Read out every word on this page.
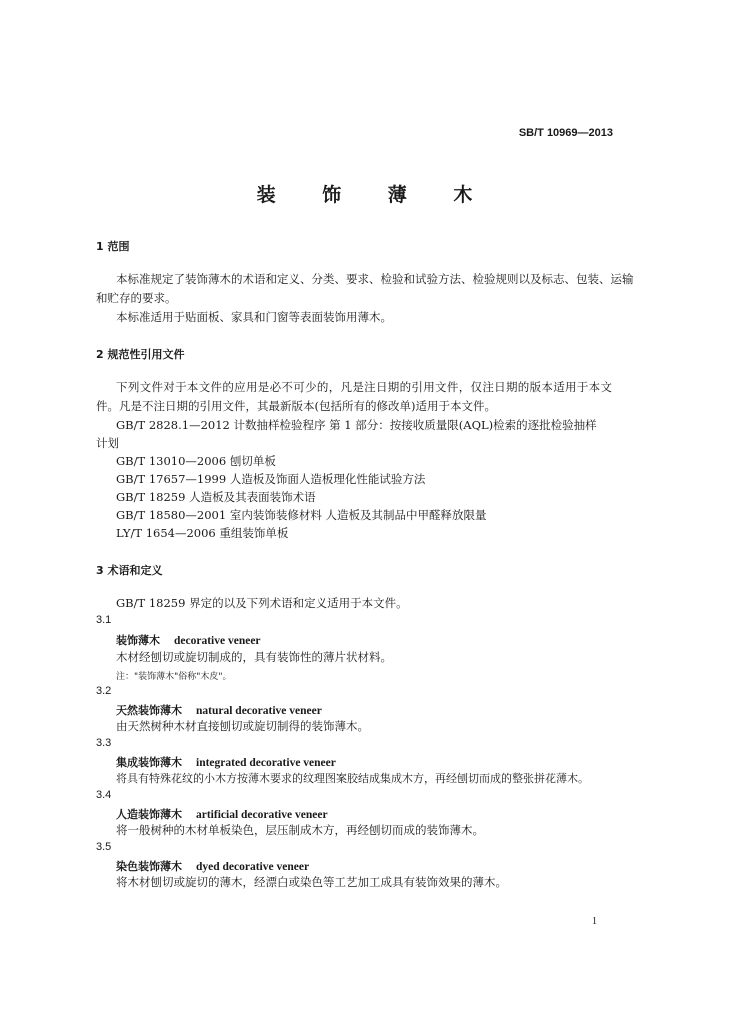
SB/T 10969—2013
装 饰 薄 木
1 范围
本标准规定了装饰薄木的术语和定义、分类、要求、检验和试验方法、检验规则以及标志、包装、运输
和贮存的要求。
本标准适用于贴面板、家具和门窗等表面装饰用薄木。
2 规范性引用文件
下列文件对于本文件的应用是必不可少的，凡是注日期的引用文件，仅注日期的版本适用于本文
件。凡是不注日期的引用文件，其最新版本(包括所有的修改单)适用于本文件。
GB/T 2828.1—2012 计数抽样检验程序 第 1 部分：按接收质量限(AQL)检索的逐批检验抽样
计划
GB/T 13010—2006 刨切单板
GB/T 17657—1999 人造板及饰面人造板理化性能试验方法
GB/T 18259 人造板及其表面装饰术语
GB/T 18580—2001 室内装饰装修材料 人造板及其制品中甲醛释放限量
LY/T 1654—2006 重组装饰单板
3 术语和定义
GB/T 18259 界定的以及下列术语和定义适用于本文件。
3.1
装饰薄木 decorative veneer
木材经刨切或旋切制成的，具有装饰性的薄片状材料。
注："装饰薄木"俗称"木皮"。
3.2
天然装饰薄木 natural decorative veneer
由天然树种木材直接刨切或旋切制得的装饰薄木。
3.3
集成装饰薄木 integrated decorative veneer
将具有特殊花纹的小木方按薄木要求的纹理图案胶结成集成木方，再经刨切而成的整张拼花薄木。
3.4
人造装饰薄木 artificial decorative veneer
将一般树种的木材单板染色，层压制成木方，再经刨切而成的装饰薄木。
3.5
染色装饰薄木 dyed decorative veneer
将木材刨切或旋切的薄木，经漂白或染色等工艺加工成具有装饰效果的薄木。
1
